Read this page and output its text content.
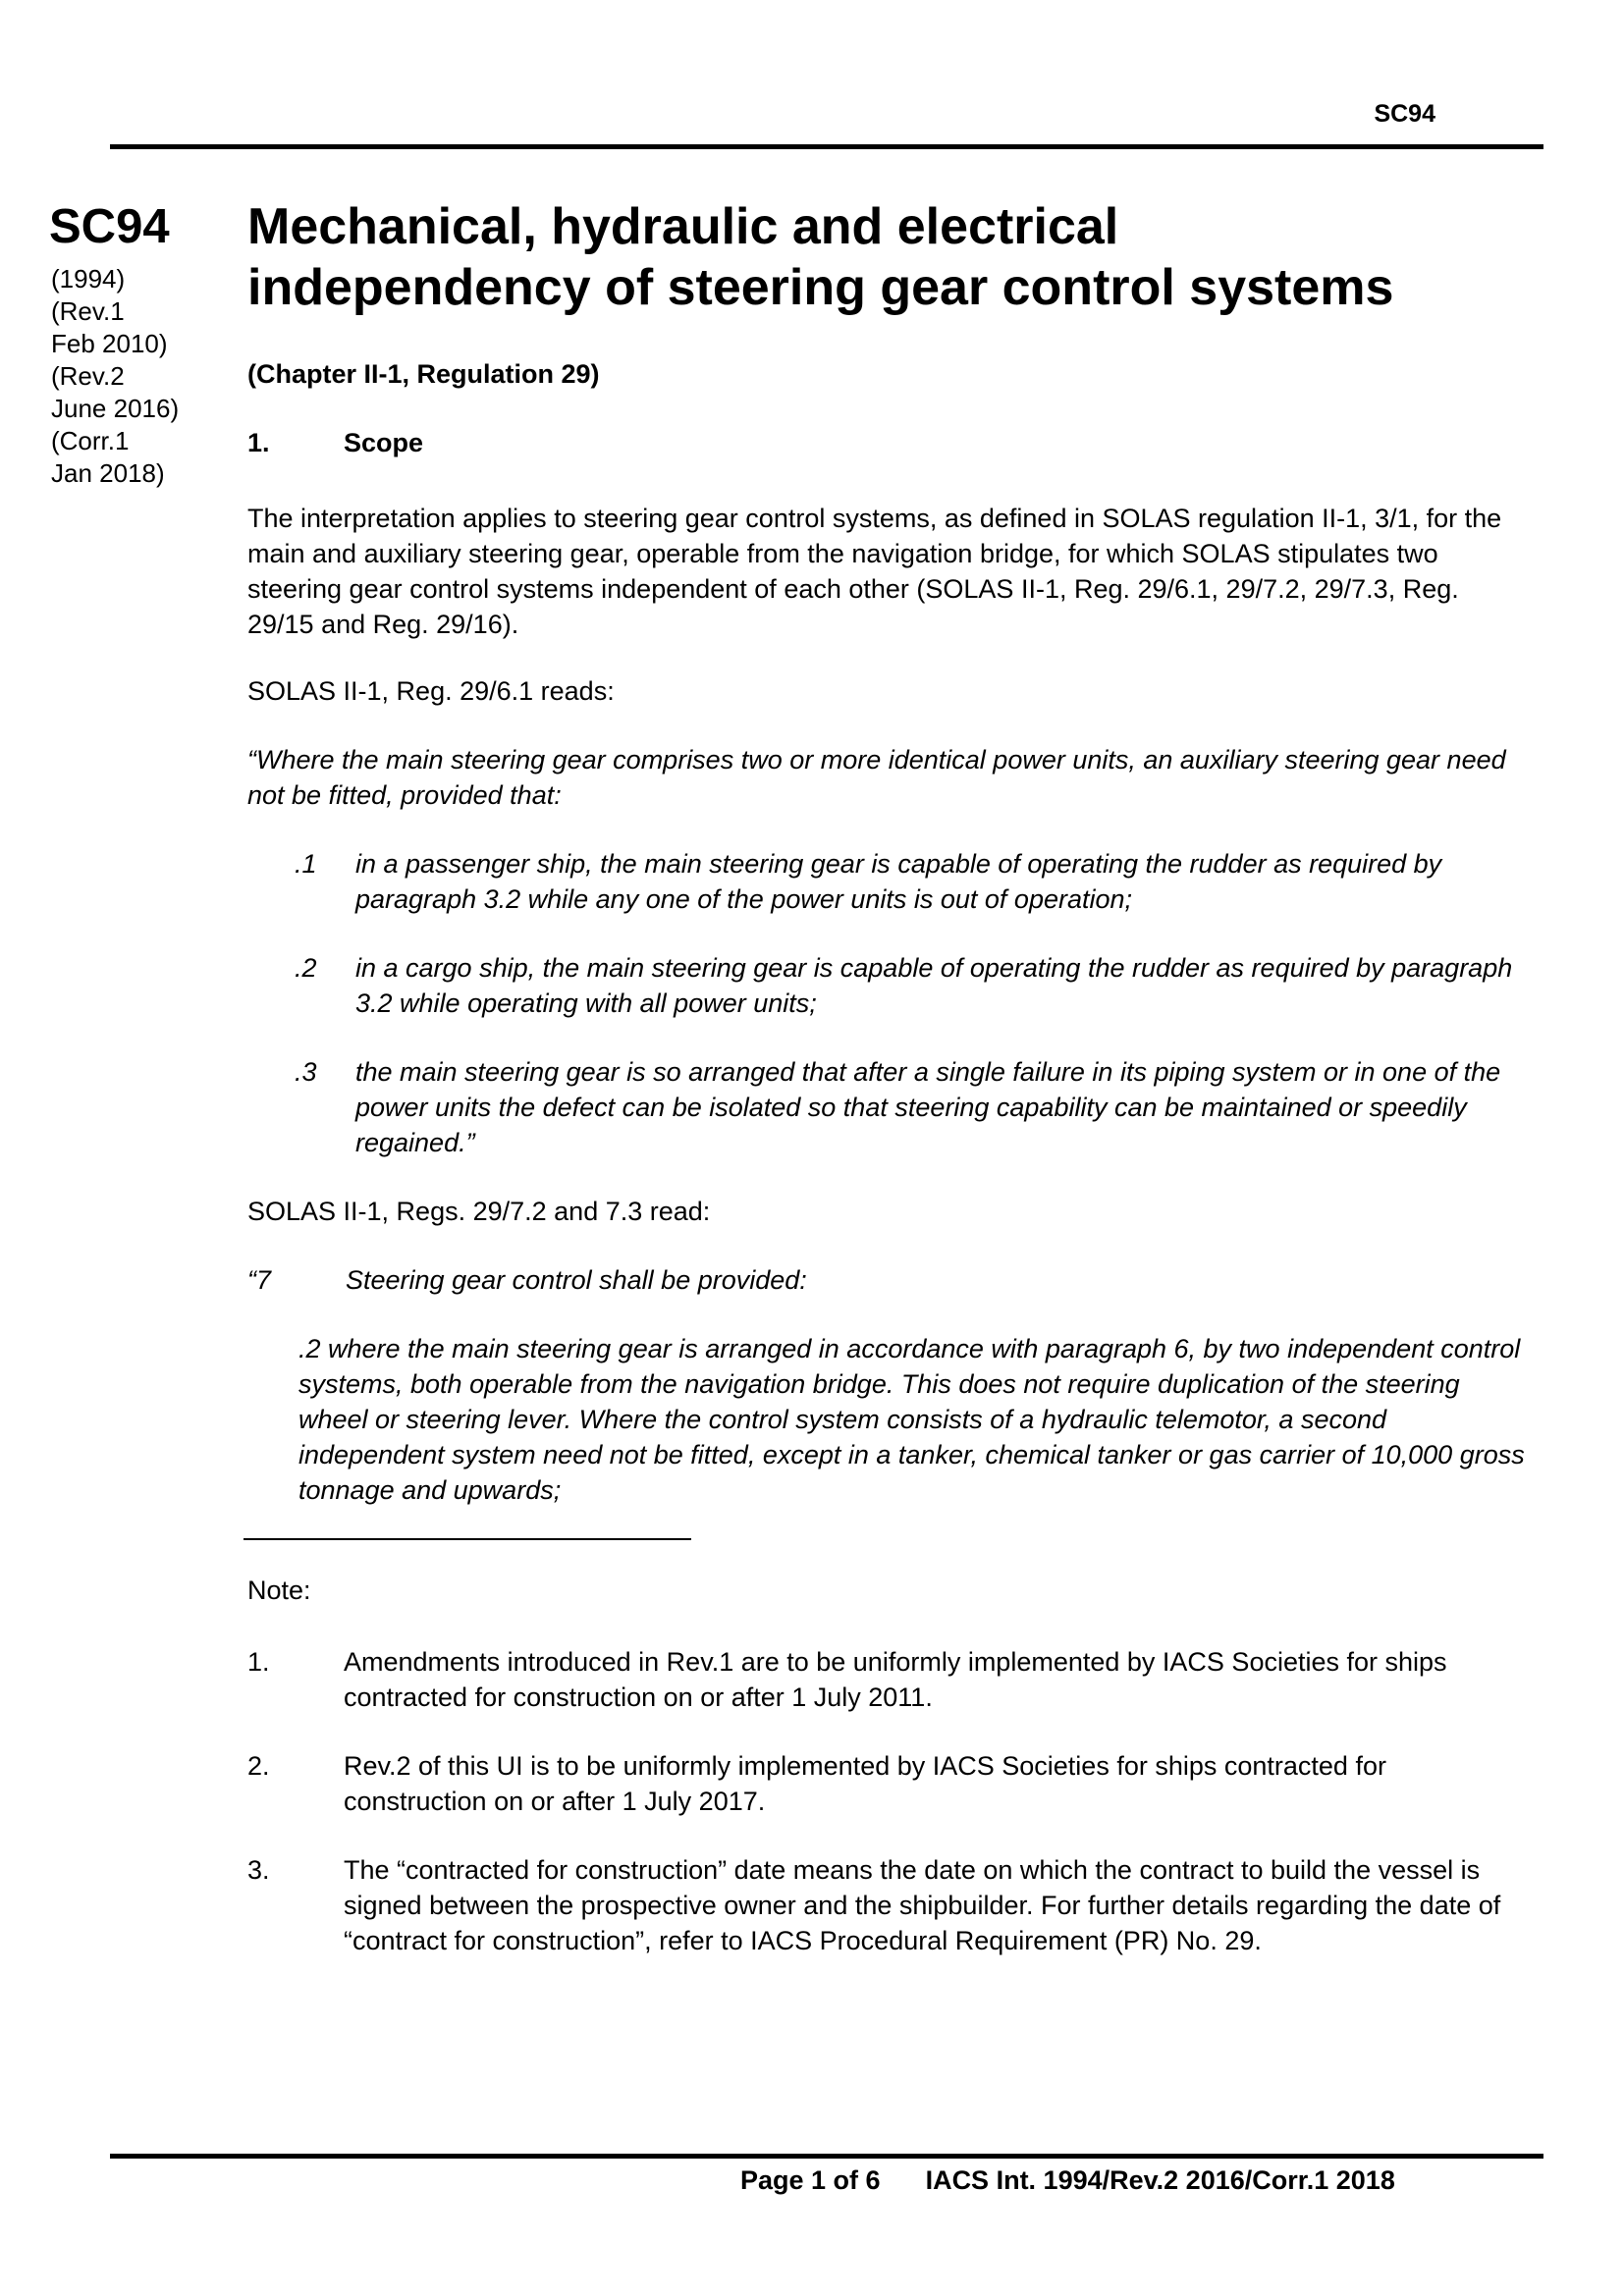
SC94
SC94
(1994)
(Rev.1
Feb 2010)
(Rev.2
June 2016)
(Corr.1
Jan 2018)
Mechanical, hydraulic and electrical
independency of steering gear control systems
(Chapter II-1, Regulation 29)
1.	Scope
The interpretation applies to steering gear control systems, as defined in SOLAS regulation II-1, 3/1, for the main and auxiliary steering gear, operable from the navigation bridge, for which SOLAS stipulates two steering gear control systems independent of each other (SOLAS II-1, Reg. 29/6.1, 29/7.2, 29/7.3, Reg. 29/15 and Reg. 29/16).
SOLAS II-1, Reg. 29/6.1 reads:
“Where the main steering gear comprises two or more identical power units, an auxiliary steering gear need not be fitted, provided that:
.1 in a passenger ship, the main steering gear is capable of operating the rudder as required by paragraph 3.2 while any one of the power units is out of operation;
.2 in a cargo ship, the main steering gear is capable of operating the rudder as required by paragraph 3.2 while operating with all power units;
.3 the main steering gear is so arranged that after a single failure in its piping system or in one of the power units the defect can be isolated so that steering capability can be maintained or speedily regained.”
SOLAS II-1, Regs. 29/7.2 and 7.3 read:
“7	Steering gear control shall be provided:
.2 where the main steering gear is arranged in accordance with paragraph 6, by two independent control systems, both operable from the navigation bridge. This does not require duplication of the steering wheel or steering lever. Where the control system consists of a hydraulic telemotor, a second independent system need not be fitted, except in a tanker, chemical tanker or gas carrier of 10,000 gross tonnage and upwards;
Note:
1.	Amendments introduced in Rev.1 are to be uniformly implemented by IACS Societies for ships contracted for construction on or after 1 July 2011.
2.	Rev.2 of this UI is to be uniformly implemented by IACS Societies for ships contracted for construction on or after 1 July 2017.
3.	The “contracted for construction” date means the date on which the contract to build the vessel is signed between the prospective owner and the shipbuilder. For further details regarding the date of “contract for construction”, refer to IACS Procedural Requirement (PR) No. 29.
Page 1 of 6 IACS Int. 1994/Rev.2 2016/Corr.1 2018
